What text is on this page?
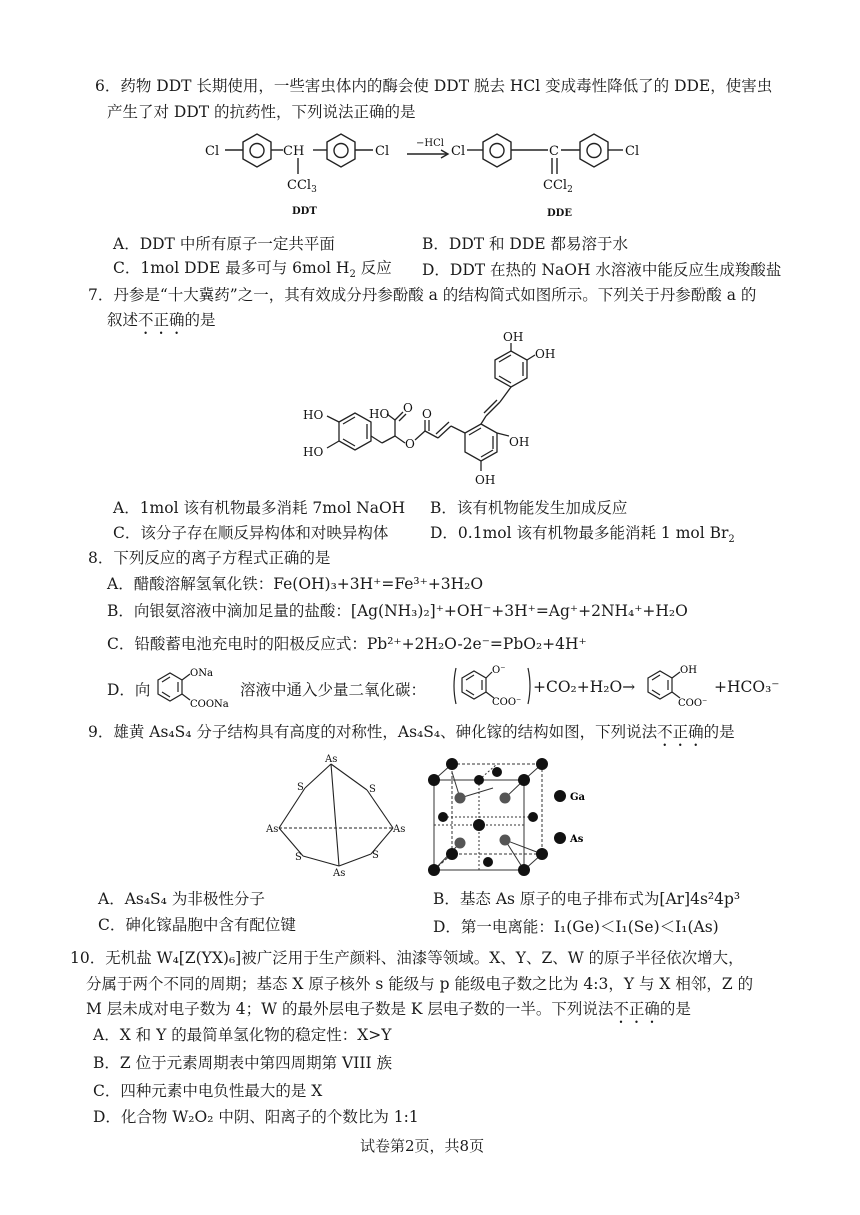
6．药物 DDT 长期使用，一些害虫体内的酶会使 DDT 脱去 HCl 变成毒性降低了的 DDE，使害虫
产生了对 DDT 的抗药性，下列说法正确的是
Cl	CH	Cl
CCl$_3$
DDT
−HCl
Cl	C	Cl
CCl$_2$
DDE
A．DDT 中所有原子一定共平面	B．DDT 和 DDE 都易溶于水
C．1mol DDE 最多可与 6mol $H_2$ 反应 D．DDT 在热的 NaOH 水溶液中能反应生成羧酸盐
7．丹参是“十大冀药”之一，其有效成分丹参酚酸 a 的结构简式如图所示。下列关于丹参酚酸 a 的
叙述不正确的是
OH
OH
OH
OH
HO
HO
HO O O
O
A．1mol 该有机物最多消耗 7mol NaOH B．该有机物能发生加成反应
C．该分子存在顺反异构体和对映异构体	D．0.1mol 该有机物最多能消耗 1 mol $Br_2$
8．下列反应的离子方程式正确的是
A．醋酸溶解氢氧化铁：Fe(OH)₃+3H⁺=Fe³⁺+3H₂O
B．向银氨溶液中滴加足量的盐酸：[Ag(NH₃)₂]⁺+OH⁻+3H⁺=Ag⁺+2NH₄⁺+H₂O
C．铅酸蓄电池充电时的阳极反应式：Pb²⁺+2H₂O-2e⁻=PbO₂+4H⁺
D．向
ONa
COONa
溶液中通入少量二氧化碳：
O⁻
COO⁻
+CO₂+H₂O→
OH
COO⁻
+HCO₃⁻
9．雄黄 As₄S₄ 分子结构具有高度的对称性，As₄S₄、砷化镓的结构如图，下列说法不正确的是
As
As	As
As
S	S
S	S
Ga
As
A．As₄S₄ 为非极性分子	B．基态 As 原子的电子排布式为[Ar]4s²4p³
C．砷化镓晶胞中含有配位键	D．第一电离能：I₁(Ge)＜I₁(Se)＜I₁(As)
10．无机盐 W₄[Z(YX)₆]被广泛用于生产颜料、油漆等领域。X、Y、Z、W 的原子半径依次增大，
分属于两个不同的周期；基态 X 原子核外 s 能级与 p 能级电子数之比为 4:3，Y 与 X 相邻，Z 的
M 层未成对电子数为 4；W 的最外层电子数是 K 层电子数的一半。下列说法不正确的是
A．X 和 Y 的最简单氢化物的稳定性：X>Y
B．Z 位于元素周期表中第四周期第 VIII 族
C．四种元素中电负性最大的是 X
D．化合物 W₂O₂ 中阴、阳离子的个数比为 1:1
试卷第2页，共8页
